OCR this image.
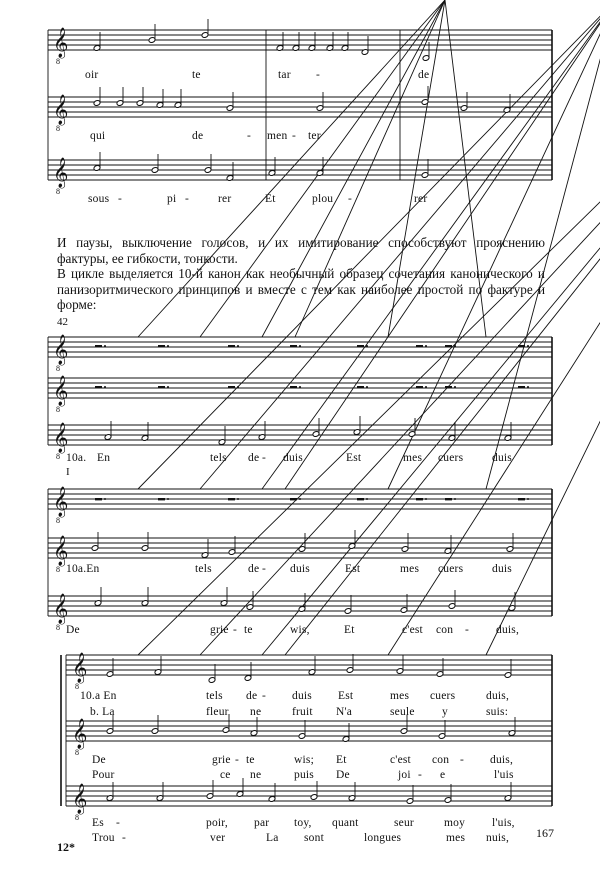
𝄞
8
𝄞
8
𝄞
8
𝄞
8
𝄞
8
𝄞
8
𝄞
8
𝄞
8
𝄞
8
𝄞
8
𝄞
8
𝄞
8
oir	te	tar -	de
qui	de	- men - ter
sous -	pi -	rer	Et	plou -	rer

И паузы, выключение голосов, и их имитирование способствуют прояснению фактуры, ее гибкости, тонкости.

В цикле выделяется 10-й канон как необычный образец сочетания канонического и панизоритмического принципов и вместе с тем как наиболее простой по фактуре и форме:

42
10a. En	tels de - duis	Est	mes cuers duis
I
10a.En	tels	de - duis	Est	mes cuers duis
De	grie - te	wis,	Et	c'est con - duis,
10.a En	tels de - duis Est	mes cuers	duis,
b. La	fleur ne	fruit N'a	seule y	suis:
De	grie - te	wis; Et	c'est con - duis,
Pour	ce ne	puis De	joi - e	l'uis
Es -	poir, par toy, quant	seur	moy l'uis,
Trou -	ver	La sont	longues	mes nuis,
12*
167
